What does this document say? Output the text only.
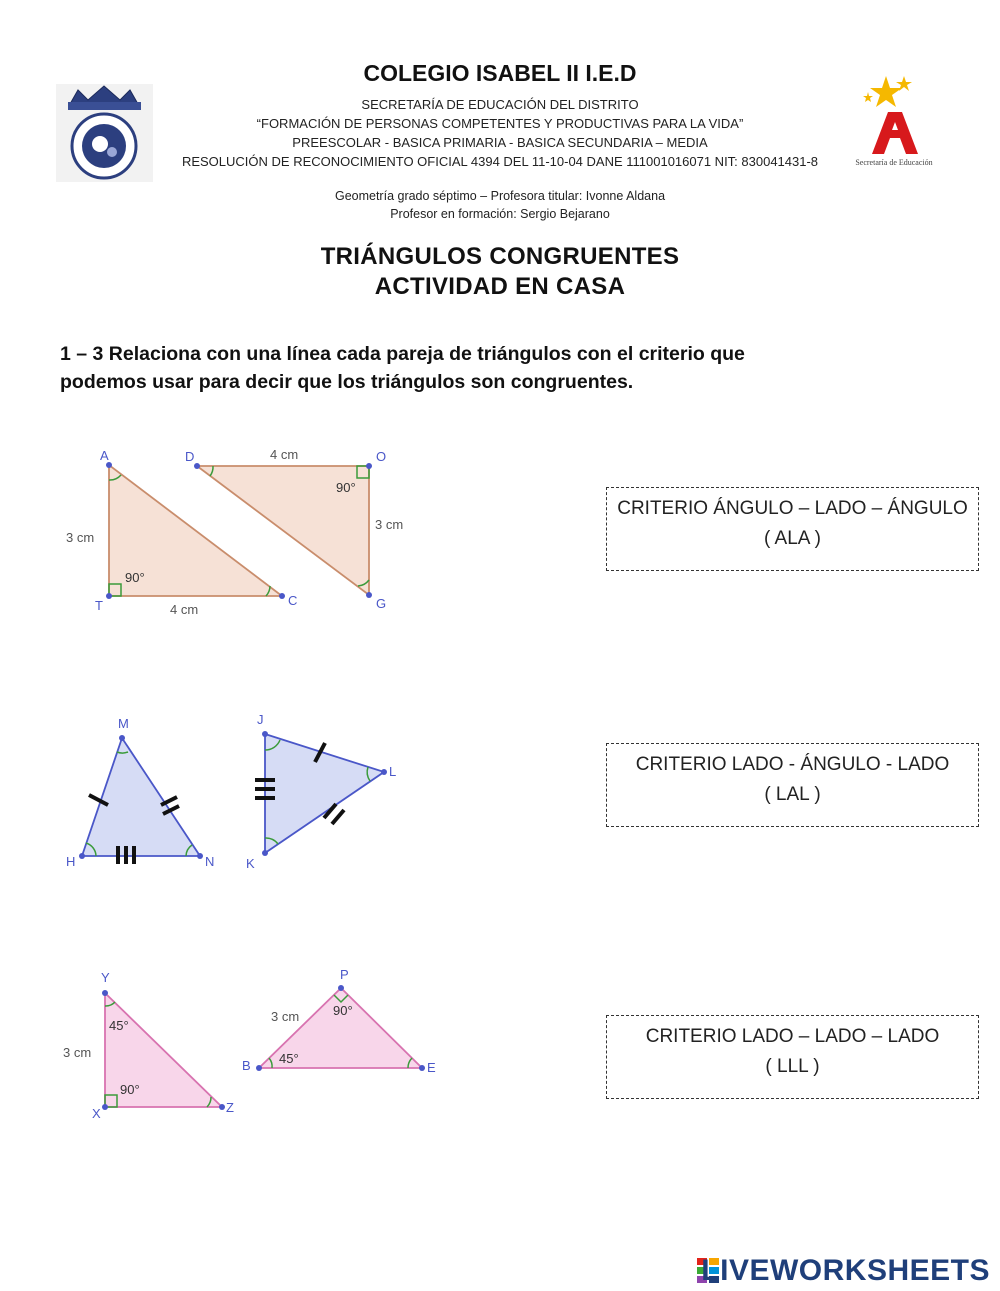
Secretaría de Educación
COLEGIO ISABEL II I.E.D
SECRETARÍA DE EDUCACIÓN DEL DISTRITO
“FORMACIÓN DE PERSONAS COMPETENTES Y PRODUCTIVAS PARA LA VIDA”
PREESCOLAR - BASICA PRIMARIA - BASICA SECUNDARIA – MEDIA
RESOLUCIÓN DE RECONOCIMIENTO OFICIAL 4394 DEL 11-10-04 DANE 111001016071 NIT: 830041431-8
Geometría grado séptimo – Profesora titular: Ivonne Aldana
Profesor en formación: Sergio Bejarano
TRIÁNGULOS CONGRUENTES
ACTIVIDAD EN CASA
1 – 3 Relaciona con una línea cada pareja de triángulos con el criterio que
podemos usar para decir que los triángulos son congruentes.
A
T	C
D	O
G
3 cm
4 cm
4 cm
3 cm
90°
90°
M
H	N
J
L
K
Y
X	Z
P
B	E
3 cm
3 cm
45°
90°
90°
45°
CRITERIO ÁNGULO – LADO – ÁNGULO
( ALA )
CRITERIO LADO - ÁNGULO - LADO
( LAL )
CRITERIO LADO – LADO – LADO
( LLL )
LIVEWORKSHEETS
